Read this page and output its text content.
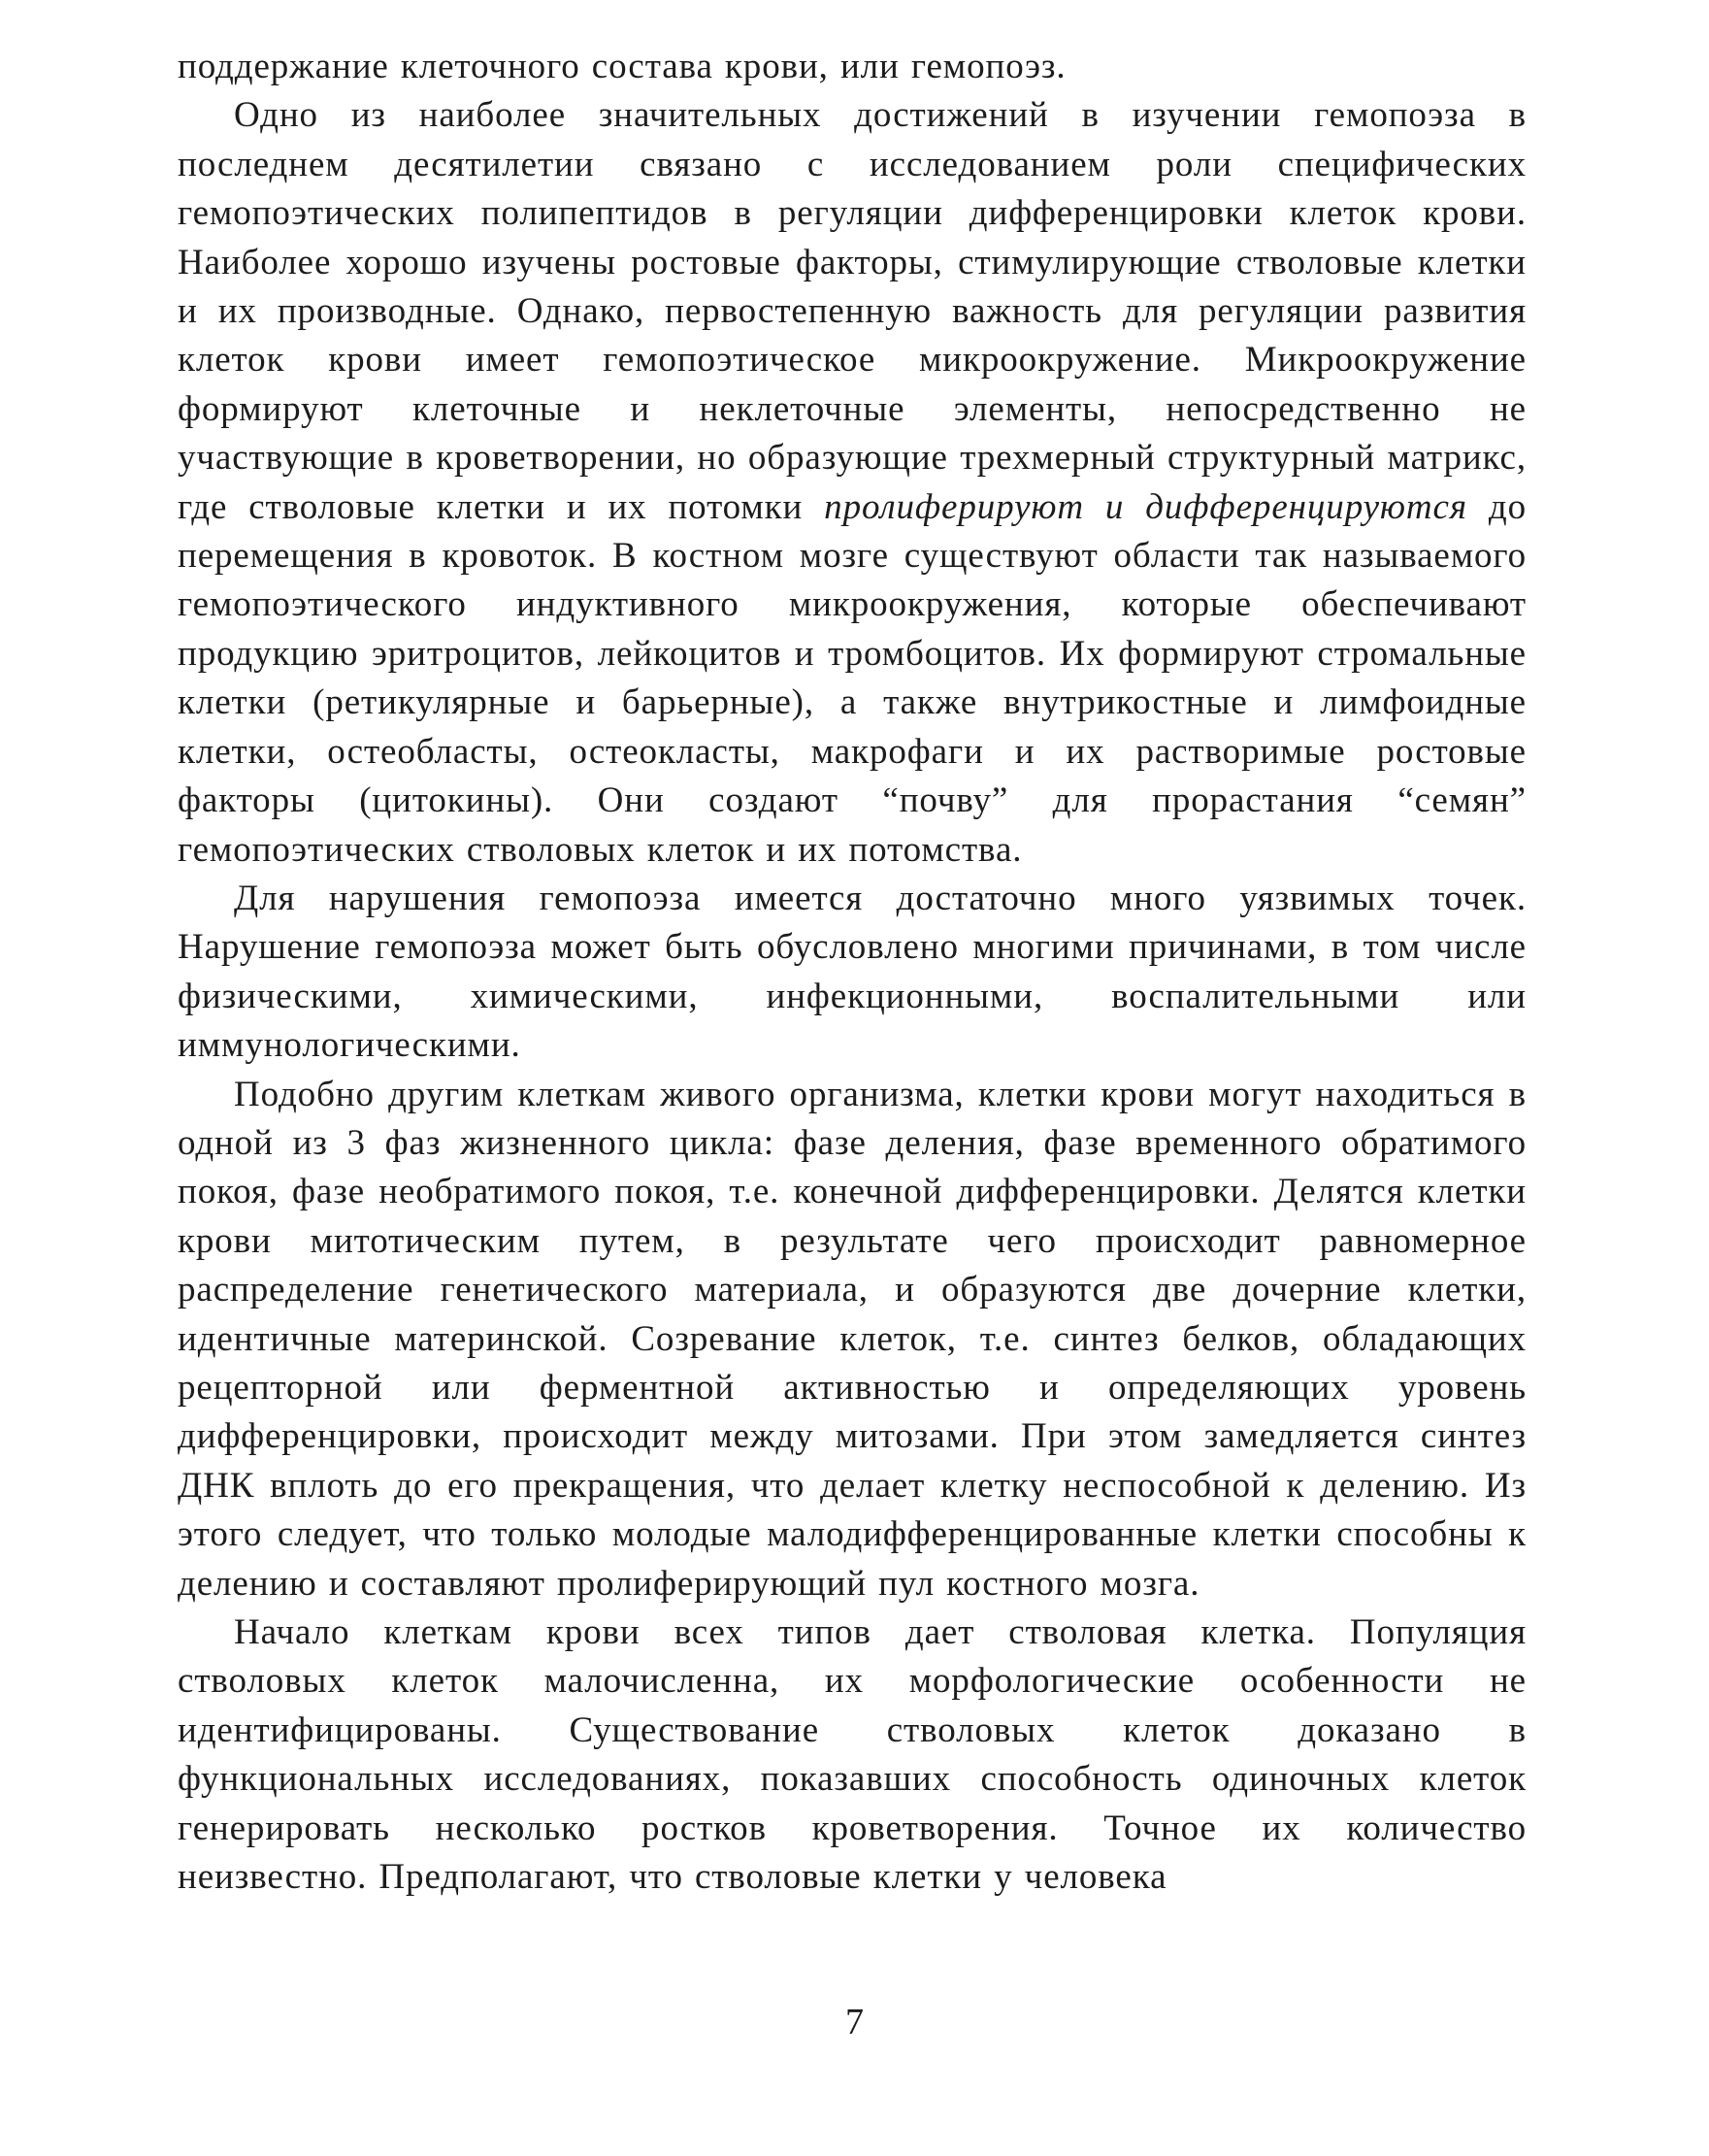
поддержание клеточного состава крови, или гемопоэз.

Одно из наиболее значительных достижений в изучении гемопоэза в последнем десятилетии связано с исследованием роли специфических гемопоэтических полипептидов в регуляции дифференцировки клеток крови. Наиболее хорошо изучены ростовые факторы, стимулирующие стволовые клетки и их производные. Однако, первостепенную важность для регуляции развития клеток крови имеет гемопоэтическое микроокружение. Микроокружение формируют клеточные и неклеточные элементы, непосредственно не участвующие в кроветворении, но образующие трехмерный структурный матрикс, где стволовые клетки и их потомки пролиферируют и дифференцируются до перемещения в кровоток. В костном мозге существуют области так называемого гемопоэтического индуктивного микроокружения, которые обеспечивают продукцию эритроцитов, лейкоцитов и тромбоцитов. Их формируют стромальные клетки (ретикулярные и барьерные), а также внутрикостные и лимфоидные клетки, остеобласты, остеокласты, макрофаги и их растворимые ростовые факторы (цитокины). Они создают “почву” для прорастания “семян” гемопоэтических стволовых клеток и их потомства.

Для нарушения гемопоэза имеется достаточно много уязвимых точек. Нарушение гемопоэза может быть обусловлено многими причинами, в том числе физическими, химическими, инфекционными, воспалительными или иммунологическими.

Подобно другим клеткам живого организма, клетки крови могут находиться в одной из 3 фаз жизненного цикла: фазе деления, фазе временного обратимого покоя, фазе необратимого покоя, т.е. конечной дифференцировки. Делятся клетки крови митотическим путем, в результате чего происходит равномерное распределение генетического материала, и образуются две дочерние клетки, идентичные материнской. Созревание клеток, т.е. синтез белков, обладающих рецепторной или ферментной активностью и определяющих уровень дифференцировки, происходит между митозами. При этом замедляется синтез ДНК вплоть до его прекращения, что делает клетку неспособной к делению. Из этого следует, что только молодые малодифференцированные клетки способны к делению и составляют пролиферирующий пул костного мозга.

Начало клеткам крови всех типов дает стволовая клетка. Популяция стволовых клеток малочисленна, их морфологические особенности не идентифицированы. Существование стволовых клеток доказано в функциональных исследованиях, показавших способность одиночных клеток генерировать несколько ростков кроветворения. Точное их количество неизвестно. Предполагают, что стволовые клетки у человека

7
